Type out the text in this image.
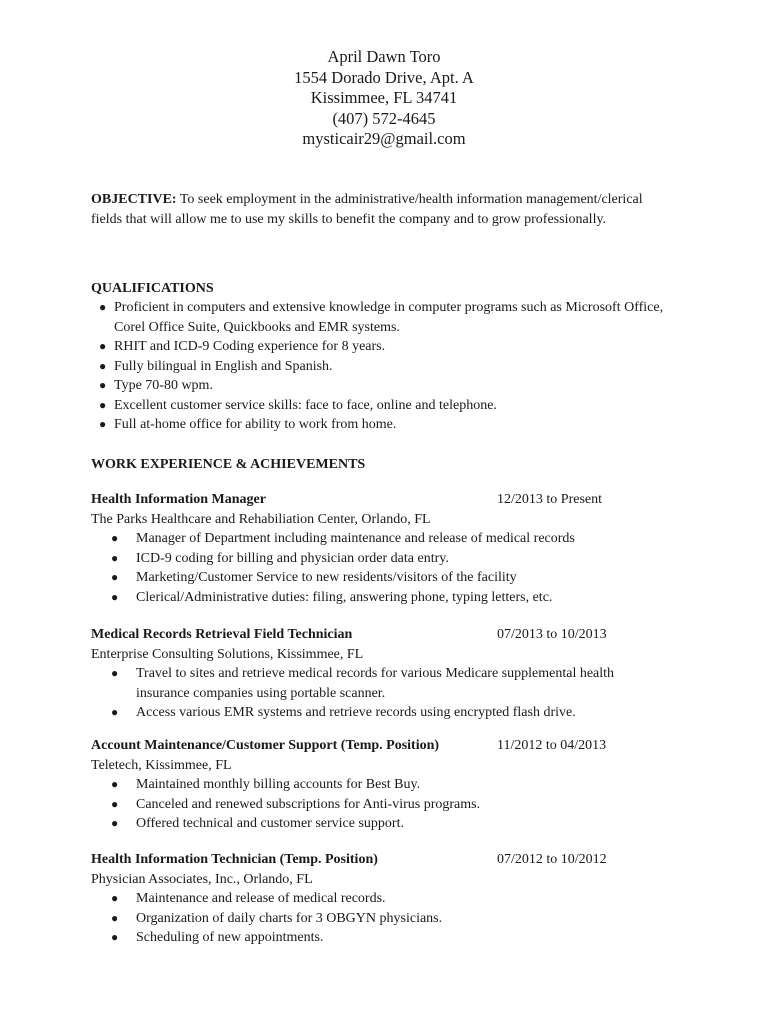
April Dawn Toro
1554 Dorado Drive, Apt. A
Kissimmee, FL 34741
(407) 572-4645
mysticair29@gmail.com
OBJECTIVE: To seek employment in the administrative/health information management/clerical fields that will allow me to use my skills to benefit the company and to grow professionally.
QUALIFICATIONS
● Proficient in computers and extensive knowledge in computer programs such as Microsoft Office, Corel Office Suite, Quickbooks and EMR systems.
● RHIT and ICD-9 Coding experience for 8 years.
● Fully bilingual in English and Spanish.
● Type 70-80 wpm.
● Excellent customer service skills: face to face, online and telephone.
● Full at-home office for ability to work from home.
WORK EXPERIENCE & ACHIEVEMENTS
Health Information Manager	12/2013 to Present
The Parks Healthcare and Rehabiliation Center, Orlando, FL
● Manager of Department including maintenance and release of medical records
● ICD-9 coding for billing and physician order data entry.
● Marketing/Customer Service to new residents/visitors of the facility
● Clerical/Administrative duties: filing, answering phone, typing letters, etc.
Medical Records Retrieval Field Technician	07/2013 to 10/2013
Enterprise Consulting Solutions, Kissimmee, FL
● Travel to sites and retrieve medical records for various Medicare supplemental health insurance companies using portable scanner.
● Access various EMR systems and retrieve records using encrypted flash drive.
Account Maintenance/Customer Support (Temp. Position)	11/2012 to 04/2013
Teletech, Kissimmee, FL
● Maintained monthly billing accounts for Best Buy.
● Canceled and renewed subscriptions for Anti-virus programs.
● Offered technical and customer service support.
Health Information Technician (Temp. Position)	07/2012 to 10/2012
Physician Associates, Inc., Orlando, FL
● Maintenance and release of medical records.
● Organization of daily charts for 3 OBGYN physicians.
● Scheduling of new appointments.
